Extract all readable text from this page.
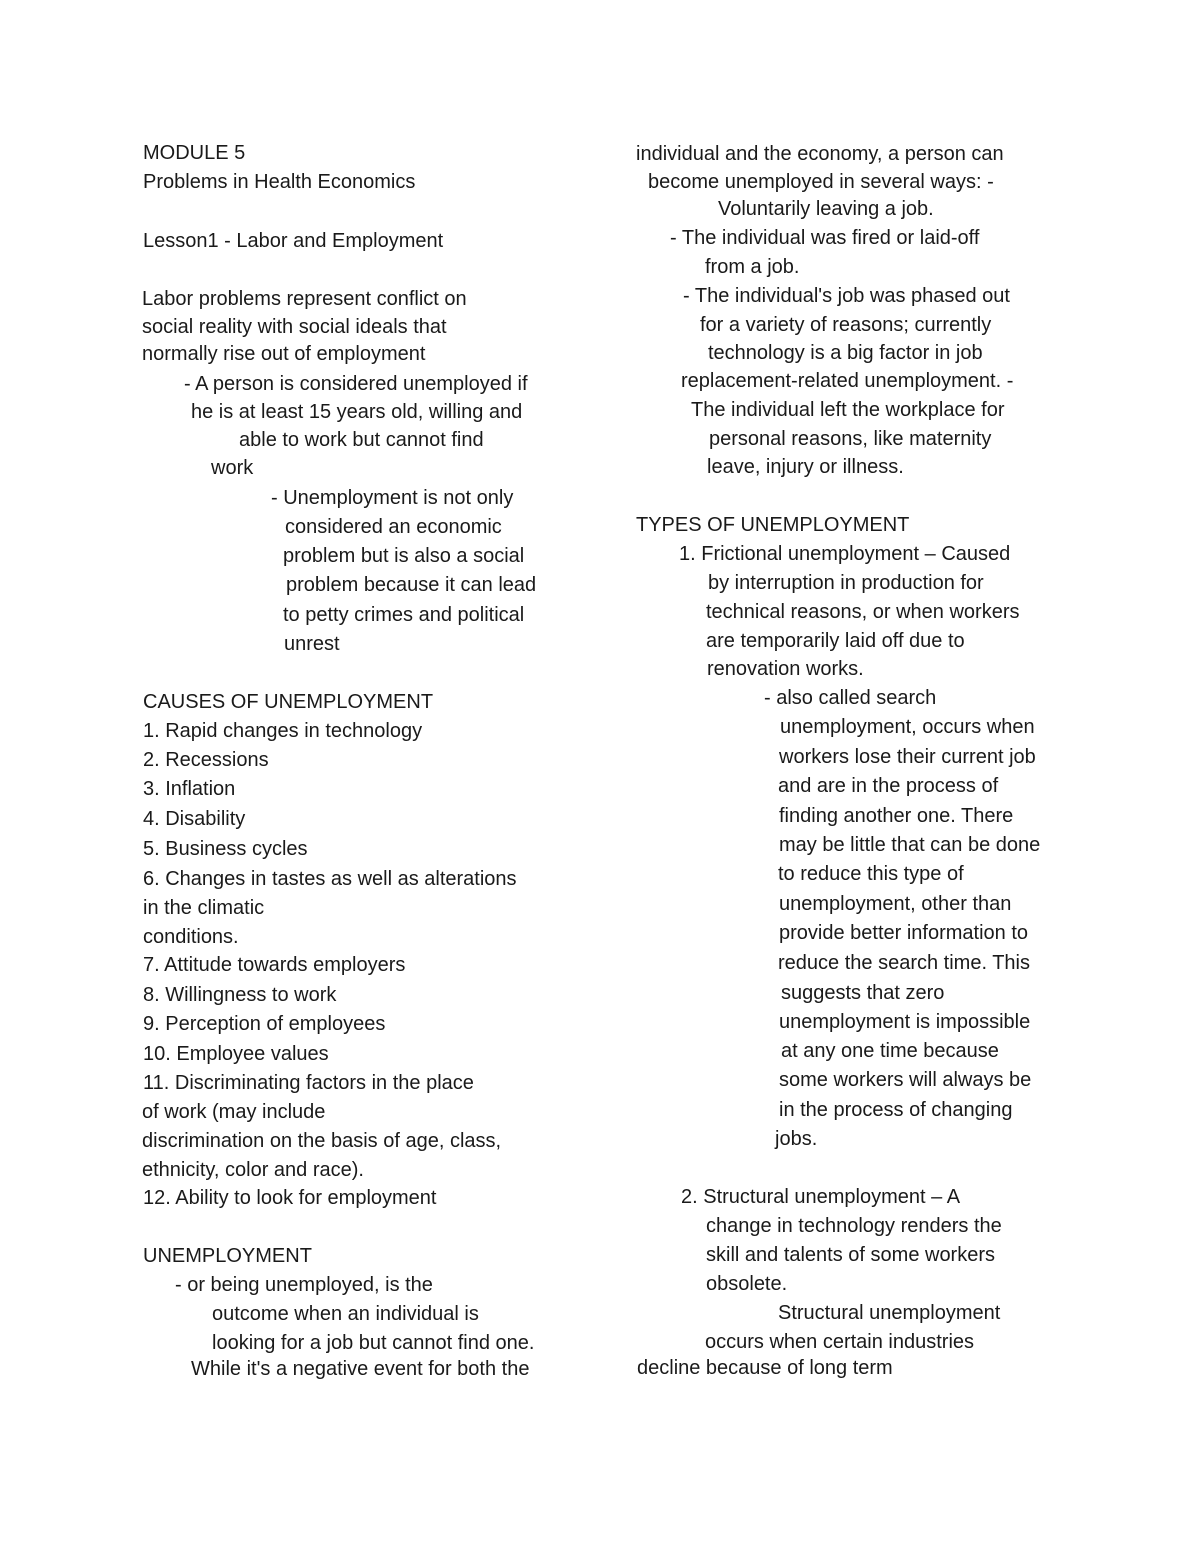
MODULE 5
Problems in Health Economics
Lesson1 - Labor and Employment
Labor problems represent conflict on
social reality with social ideals that
normally rise out of employment
- A person is considered unemployed if
he is at least 15 years old, willing and
able to work but cannot find
work
- Unemployment is not only
considered an economic
problem but is also a social
problem because it can lead
to petty crimes and political
unrest
CAUSES OF UNEMPLOYMENT
1. Rapid changes in technology
2. Recessions
3. Inflation
4. Disability
5. Business cycles
6. Changes in tastes as well as alterations
in the climatic
conditions.
7. Attitude towards employers
8. Willingness to work
9. Perception of employees
10. Employee values
11. Discriminating factors in the place
of work (may include
discrimination on the basis of age, class,
ethnicity, color and race).
12. Ability to look for employment
UNEMPLOYMENT
- or being unemployed, is the
outcome when an individual is
looking for a job but cannot find one.
While it's a negative event for both the
individual and the economy, a person can
become unemployed in several ways: -
Voluntarily leaving a job.
- The individual was fired or laid-off
from a job.
- The individual's job was phased out
for a variety of reasons; currently
technology is a big factor in job
replacement-related unemployment. -
The individual left the workplace for
personal reasons, like maternity
leave, injury or illness.
TYPES OF UNEMPLOYMENT
1. Frictional unemployment – Caused
by interruption in production for
technical reasons, or when workers
are temporarily laid off due to
renovation works.
- also called search
unemployment, occurs when
workers lose their current job
and are in the process of
finding another one. There
may be little that can be done
to reduce this type of
unemployment, other than
provide better information to
reduce the search time. This
suggests that zero
unemployment is impossible
at any one time because
some workers will always be
in the process of changing
jobs.
2. Structural unemployment – A
change in technology renders the
skill and talents of some workers
obsolete.
Structural unemployment
occurs when certain industries
decline because of long term
